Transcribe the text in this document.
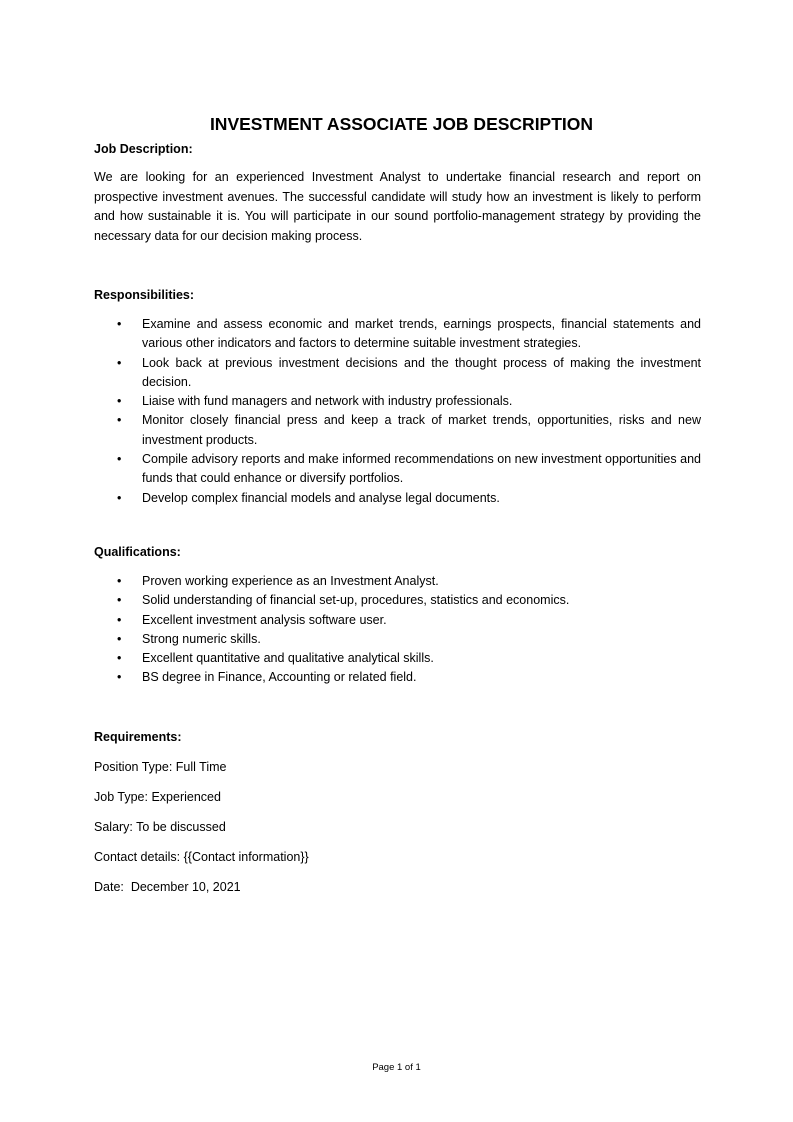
INVESTMENT ASSOCIATE JOB DESCRIPTION

Job Description:

We are looking for an experienced Investment Analyst to undertake financial research and report on prospective investment avenues. The successful candidate will study how an investment is likely to perform and how sustainable it is. You will participate in our sound portfolio-management strategy by providing the necessary data for our decision making process.

Responsibilities:

• Examine and assess economic and market trends, earnings prospects, financial statements and various other indicators and factors to determine suitable investment strategies.
• Look back at previous investment decisions and the thought process of making the investment decision.
• Liaise with fund managers and network with industry professionals.
• Monitor closely financial press and keep a track of market trends, opportunities, risks and new investment products.
• Compile advisory reports and make informed recommendations on new investment opportunities and funds that could enhance or diversify portfolios.
• Develop complex financial models and analyse legal documents.

Qualifications:

• Proven working experience as an Investment Analyst.
• Solid understanding of financial set-up, procedures, statistics and economics.
• Excellent investment analysis software user.
• Strong numeric skills.
• Excellent quantitative and qualitative analytical skills.
• BS degree in Finance, Accounting or related field.

Requirements:

Position Type: Full Time

Job Type: Experienced

Salary: To be discussed

Contact details: {{Contact information}}

Date:  December 10, 2021

Page 1 of 1
